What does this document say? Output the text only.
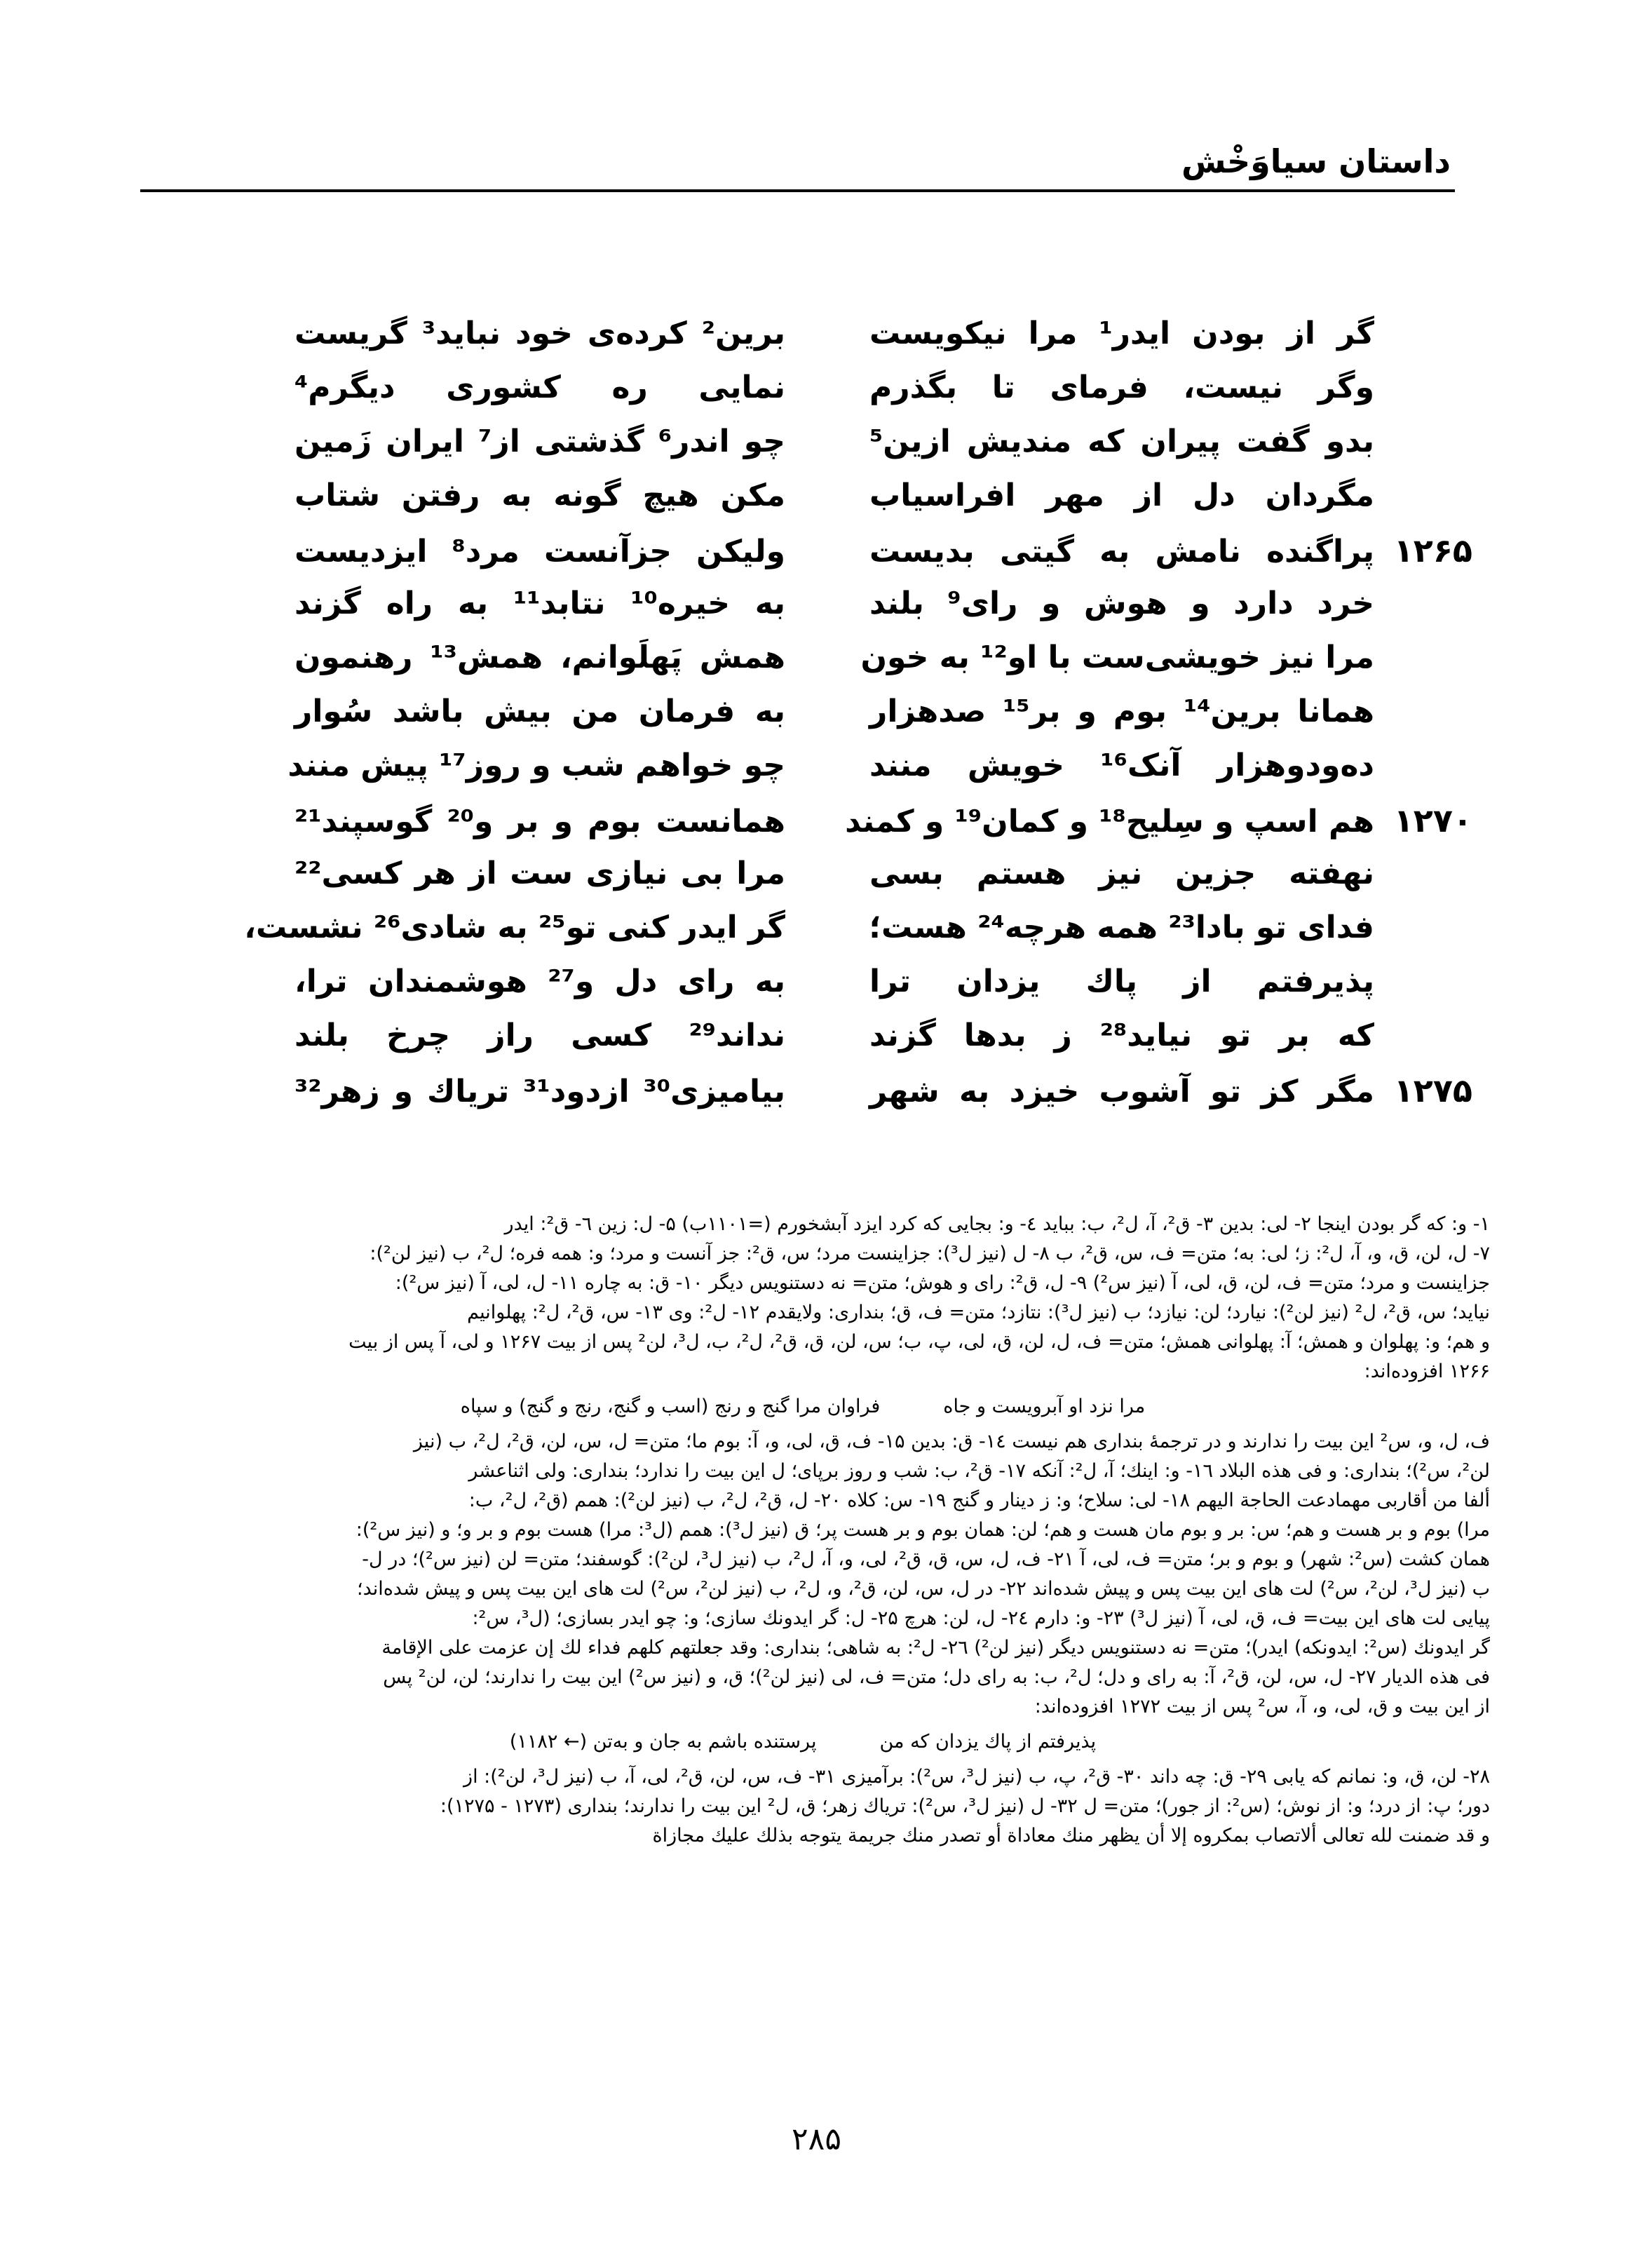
داستان سیاوَخْش
گر از بودن ایدر¹ مرا نیکویست
برین² کرده‌ی خود نباید³ گریست
وگر نیست، فرمای تا بگذرم
نمایی ره کشوری دیگرم⁴
بدو گفت پیران که مندیش ازین⁵
چو اندر⁶ گذشتی از⁷ ایران زَمین
مگردان دل از مهر افراسیاب
مکن هیچ گونه به رفتن شتاب
۱۲۶۵
پراگنده نامش به گیتی بدیست
ولیکن جزآنست مرد⁸ ایزدیست
خرد دارد و هوش و رای⁹ بلند
به خیره¹⁰ نتابد¹¹ به راه گزند
مرا نیز خویشی‌ست با او¹² به خون
همش پَهلَوانم، همش¹³ رهنمون
همانا برین¹⁴ بوم و بر¹⁵ صدهزار
به فرمان من بیش باشد سُوار
ده‌ودوهزار آنک¹⁶ خویش منند
چو خواهم شب و روز¹⁷ پیش منند
۱۲۷۰
هم اسپ و سِلیح¹⁸ و کمان¹⁹ و کمند
همانست بوم و بر و²⁰ گوسپند²¹
نهفته جزین نیز هستم بسی
مرا بی نیازی ست از هر کسی²²
فدای تو بادا²³ همه هرچه²⁴ هست؛
گر ایدر کنی تو²⁵ به شادی²⁶ نشست،
پذیرفتم از پاك یزدان ترا
به رای دل و²⁷ هوشمندان ترا،
که بر تو نیاید²⁸ ز بدها گزند
نداند²⁹ کسی راز چرخ بلند
۱۲۷۵
مگر کز تو آشوب خیزد به شهر
بیامیزی³⁰ ازدود³¹ تریاك و زهر³²
۱- و: که گر بودن اینجا ۲- لی: بدین ۳- ق²، آ، ل²، ب: بباید ٤- و: بجایی که کرد ایزد آبشخورم (=۱۱۰۱ب) ۵- ل: زین ٦- ق²: ایدر
۷- ل، لن، ق، و، آ، ل²: ز؛ لی: به؛ متن= ف، س، ق²، ب ۸- ل (نیز ل³): جزاینست مرد؛ س، ق²: جز آنست و مرد؛ و: همه فره؛ ل²، ب (نیز لن²):
جزاینست و مرد؛ متن= ف، لن، ق، لی، آ (نیز س²) ۹- ل، ق²: رای و هوش؛ متن= نه دستنویس دیگر ۱۰- ق: به چاره ۱۱- ل، لی، آ (نیز س²):
نیاید؛ س، ق²، ل² (نیز لن²): نیارد؛ لن: نیازد؛ ب (نیز ل³): نتازد؛ متن= ف، ق؛ بنداری: ولایقدم ۱۲- ل²: وی ۱۳- س، ق²، ل²: پهلوانیم
و هم؛ و: پهلوان و همش؛ آ: پهلوانی همش؛ متن= ف، ل، لن، ق، لی، پ، ب؛ س، لن، ق، ق²، ل²، ب، ل³، لن² پس از بیت ۱۲۶۷ و لی، آ پس از بیت
۱۲۶۶ افزوده‌اند:
مرا نزد او آبرویست و جاه
فراوان مرا گنج و رنج (اسب و گنج، رنج و گنج) و سپاه
ف، ل، و، س² این بیت را ندارند و در ترجمهٔ بنداری هم نیست ١٤- ق: بدین ۱۵- ف، ق، لی، و، آ: بوم ما؛ متن= ل، س، لن، ق²، ل²، ب (نیز
لن²، س²)؛ بنداری: و فی هذه البلاد ۱٦- و: اینك؛ آ، ل²: آنکه ۱۷- ق²، ب: شب و روز برپای؛ ل این بیت را ندارد؛ بنداری: ولی اثناعشر
ألفا من أقاربی مهمادعت الحاجة الیهم ۱۸- لی: سلاح؛ و: ز دینار و گنج ۱۹- س: کلاه ۲۰- ل، ق²، ل²، ب (نیز لن²): همم (ق²، ل²، ب:
مرا) بوم و بر هست و هم؛ س: بر و بوم مان هست و هم؛ لن: همان بوم و بر هست پر؛ ق (نیز ل³): همم (ل³: مرا) هست بوم و بر و؛ و (نیز س²):
همان کشت (س²: شهر) و بوم و بر؛ متن= ف، لی، آ ۲۱- ف، ل، س، ق، ق²، لی، و، آ، ل²، ب (نیز ل³، لن²): گوسفند؛ متن= لن (نیز س²)؛ در ل-
ب (نیز ل³، لن²، س²) لت های این بیت پس و پیش شده‌اند ۲۲- در ل، س، لن، ق²، و، ل²، ب (نیز لن²، س²) لت های این بیت پس و پیش شده‌اند؛
پیایی لت های این بیت= ف، ق، لی، آ (نیز ل³) ۲۳- و: دارم ۲٤- ل، لن: هرچ ۲۵- ل: گر ایدونك سازی؛ و: چو ایدر بسازی؛ (ل³، س²:
گر ایدونك (س²: ایدونکه) ایدر)؛ متن= نه دستنویس دیگر (نیز لن²) ۲٦- ل²: به شاهی؛ بنداری: وقد جعلتهم کلهم فداء لك إن عزمت علی الإقامة
فی هذه الدیار ۲۷- ل، س، لن، ق²، آ: به رای و دل؛ ل²، ب: به رای دل؛ متن= ف، لی (نیز لن²)؛ ق، و (نیز س²) این بیت را ندارند؛ لن، لن² پس
از این بیت و ق، لی، و، آ، س² پس از بیت ۱۲۷۲ افزوده‌اند:
پذیرفتم از پاك یزدان که من
پرستنده باشم به جان و به‌تن (← ۱۱۸۲)
۲۸- لن، ق، و: نمانم که یابی ۲۹- ق: چه داند ۳۰- ق²، پ، ب (نیز ل³، س²): برآمیزی ۳۱- ف، س، لن، ق²، لی، آ، ب (نیز ل³، لن²): از
دور؛ پ: از درد؛ و: از نوش؛ (س²: از جور)؛ متن= ل ۳۲- ل (نیز ل³، س²): تریاك زهر؛ ق، ل² این بیت را ندارند؛ بنداری (۱۲۷۳ - ۱۲۷۵):
و قد ضمنت لله تعالی ألاتصاب بمکروه إلا أن یظهر منك معاداة أو تصدر منك جریمة یتوجه بذلك علیك مجازاة
۲۸۵
